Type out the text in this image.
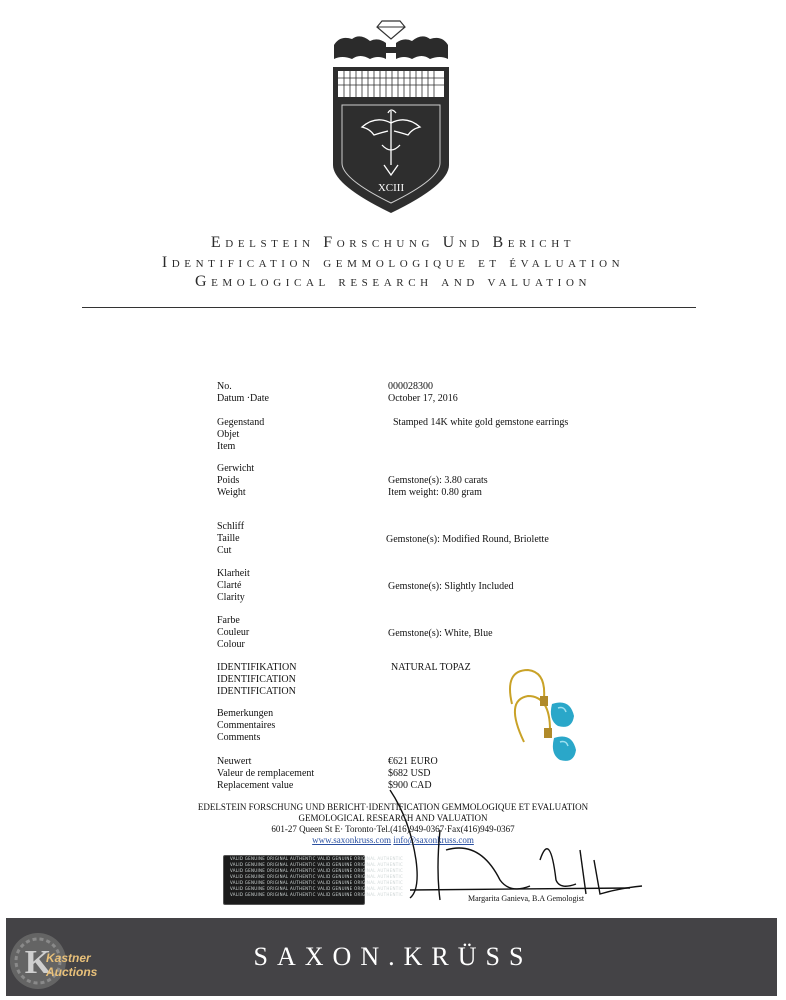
XCIII
Edelstein Forschung Und Bericht
Identification gemmologique et évaluation
Gemological research and valuation
No.
Datum ·Date
Gegenstand
Objet
Item
Gerwicht
Poids
Weight
Schliff
Taille
Cut
Klarheit
Clarté
Clarity
Farbe
Couleur
Colour
IDENTIFIKATION
IDENTIFICATION
IDENTIFICATION
Bemerkungen
Commentaires
Comments
Neuwert
Valeur de remplacement
Replacement value
000028300
October 17, 2016
Stamped 14K white gold gemstone earrings
Gemstone(s): 3.80 carats
Item weight: 0.80 gram
Gemstone(s): Modified Round, Briolette
Gemstone(s): Slightly Included
Gemstone(s): White, Blue
NATURAL TOPAZ
€621 EURO
$682 USD
$900 CAD
EDELSTEIN FORSCHUNG UND BERICHT·IDENTIFICATION GEMMOLOGIQUE ET EVALUATION
GEMOLOGICAL RESEARCH AND VALUATION
601-27 Queen St E· Toronto·Tel.(416)949-0367·Fax(416)949-0367
www.saxonkruss.com info@saxonkruss.com
Margarita Ganieva, B.A Gemologist
VALID GENUINE ORIGINAL AUTHENTIC VALID GENUINE ORIGINAL AUTHENTIC
VALID GENUINE ORIGINAL AUTHENTIC VALID GENUINE ORIGINAL AUTHENTIC
VALID GENUINE ORIGINAL AUTHENTIC VALID GENUINE ORIGINAL AUTHENTIC
VALID GENUINE ORIGINAL AUTHENTIC VALID GENUINE ORIGINAL AUTHENTIC
VALID GENUINE ORIGINAL AUTHENTIC VALID GENUINE ORIGINAL AUTHENTIC
VALID GENUINE ORIGINAL AUTHENTIC VALID GENUINE ORIGINAL AUTHENTIC
VALID GENUINE ORIGINAL AUTHENTIC VALID GENUINE ORIGINAL AUTHENTIC
SAXON.KRÜSS
K
Kastner
Auctions
